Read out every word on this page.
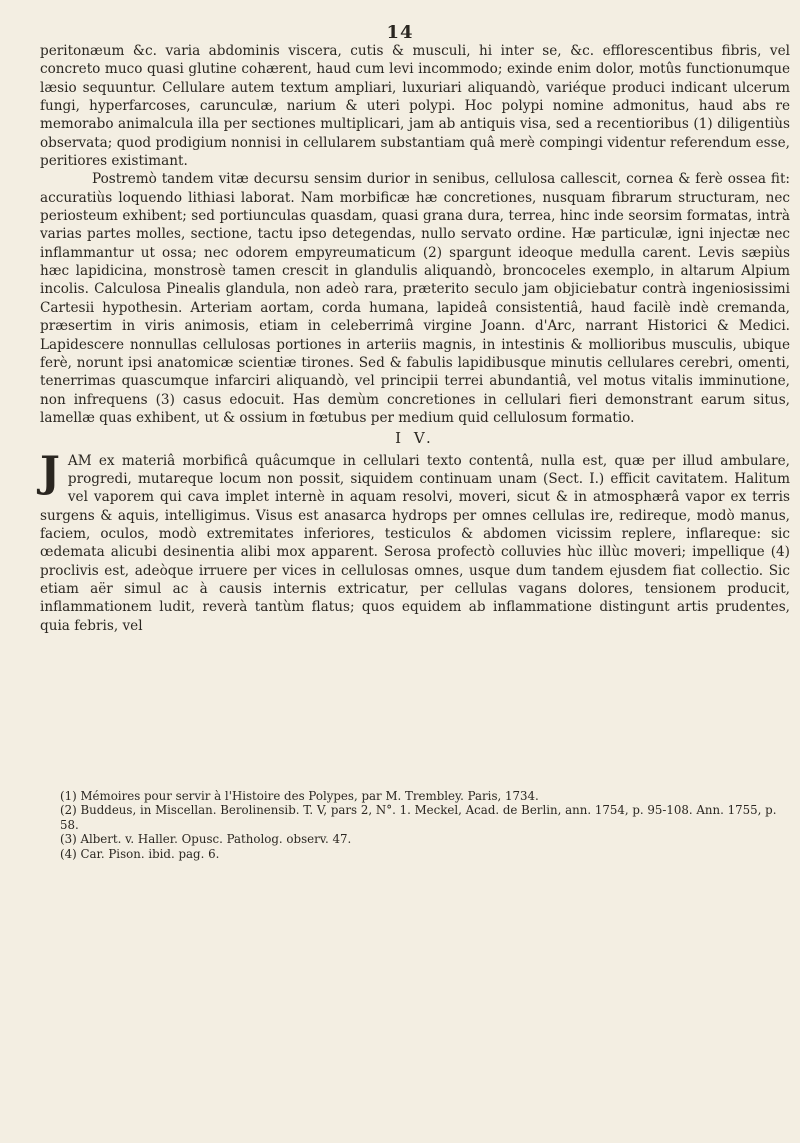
14

peritonæum &c. varia abdominis viscera, cutis & musculi, hi inter se, &c. efflorescentibus fibris, vel concreto muco quasi glutine cohærent, haud cum levi incommodo; exinde enim dolor, motûs functionumque læsio sequuntur. Cellulare autem textum ampliari, luxuriari aliquandò, variéque produci indicant ulcerum fungi, hyperfarcoses, carunculæ, narium & uteri polypi. Hoc polypi nomine admonitus, haud abs re memorabo animalcula illa per sectiones multiplicari, jam ab antiquis visa, sed a recentioribus (1) diligentiùs observata; quod prodigium nonnisi in cellularem substantiam quâ merè compingi videntur referendum esse, peritiores existimant.

Postremò tandem vitæ decursu sensim durior in senibus, cellulosa callescit, cornea & ferè ossea fit: accuratiùs loquendo lithiasi laborat. Nam morbificæ hæ concretiones, nusquam fibrarum structuram, nec periosteum exhibent; sed portiunculas quasdam, quasi grana dura, terrea, hinc inde seorsim formatas, intrà varias partes molles, sectione, tactu ipso detegendas, nullo servato ordine. Hæ particulæ, igni injectæ nec inflammantur ut ossa; nec odorem empyreumaticum (2) spargunt ideoque medulla carent. Levis sæpiùs hæc lapidicina, monstrosè tamen crescit in glandulis aliquandò, broncoceles exemplo, in altarum Alpium incolis. Calculosa Pinealis glandula, non adeò rara, præterito seculo jam objiciebatur contrà ingeniosissimi Cartesii hypothesin. Arteriam aortam, corda humana, lapideâ consistentiâ, haud facilè indè cremanda, præsertim in viris animosis, etiam in celeberrimâ virgine Joann. d'Arc, narrant Historici & Medici. Lapidescere nonnullas cellulosas portiones in arteriis magnis, in intestinis & mollioribus musculis, ubique ferè, norunt ipsi anatomicæ scientiæ tirones. Sed & fabulis lapidibusque minutis cellulares cerebri, omenti, tenerrimas quascumque infarciri aliquandò, vel principii terrei abundantiâ, vel motus vitalis imminutione, non infrequens (3) casus edocuit. Has demùm concretiones in cellulari fieri demonstrant earum situs, lamellæ quas exhibent, ut & ossium in fœtubus per medium quid cellulosum formatio.

I V.

JAM ex materiâ morbificâ quâcumque in cellulari texto contentâ, nulla est, quæ per illud ambulare, progredi, mutareque locum non possit, siquidem continuam unam (Sect. I.) efficit cavitatem. Halitum vel vaporem qui cava implet internè in aquam resolvi, moveri, sicut & in atmosphærâ vapor ex terris surgens & aquis, intelligimus. Visus est anasarca hydrops per omnes cellulas ire, redireque, modò manus, faciem, oculos, modò extremitates inferiores, testiculos & abdomen vicissim replere, inflareque: sic œdemata alicubi desinentia alibi mox apparent. Serosa profectò colluvies hùc illùc moveri; impellique (4) proclivis est, adeòque irruere per vices in cellulosas omnes, usque dum tandem ejusdem fiat collectio. Sic etiam aër simul ac à causis internis extricatur, per cellulas vagans dolores, tensionem producit, inflammationem ludit, reverà tantùm flatus; quos equidem ab inflammatione distingunt artis prudentes, quia febris, vel

(1) Mémoires pour servir à l'Histoire des Polypes, par M. Trembley. Paris, 1734.
(2) Buddeus, in Miscellan. Berolinensib. T. V, pars 2, N°. 1. Meckel, Acad. de Berlin, ann. 1754, p. 95-108. Ann. 1755, p. 58.
(3) Albert. v. Haller. Opusc. Patholog. observ. 47.
(4) Car. Pison. ibid. pag. 6.
